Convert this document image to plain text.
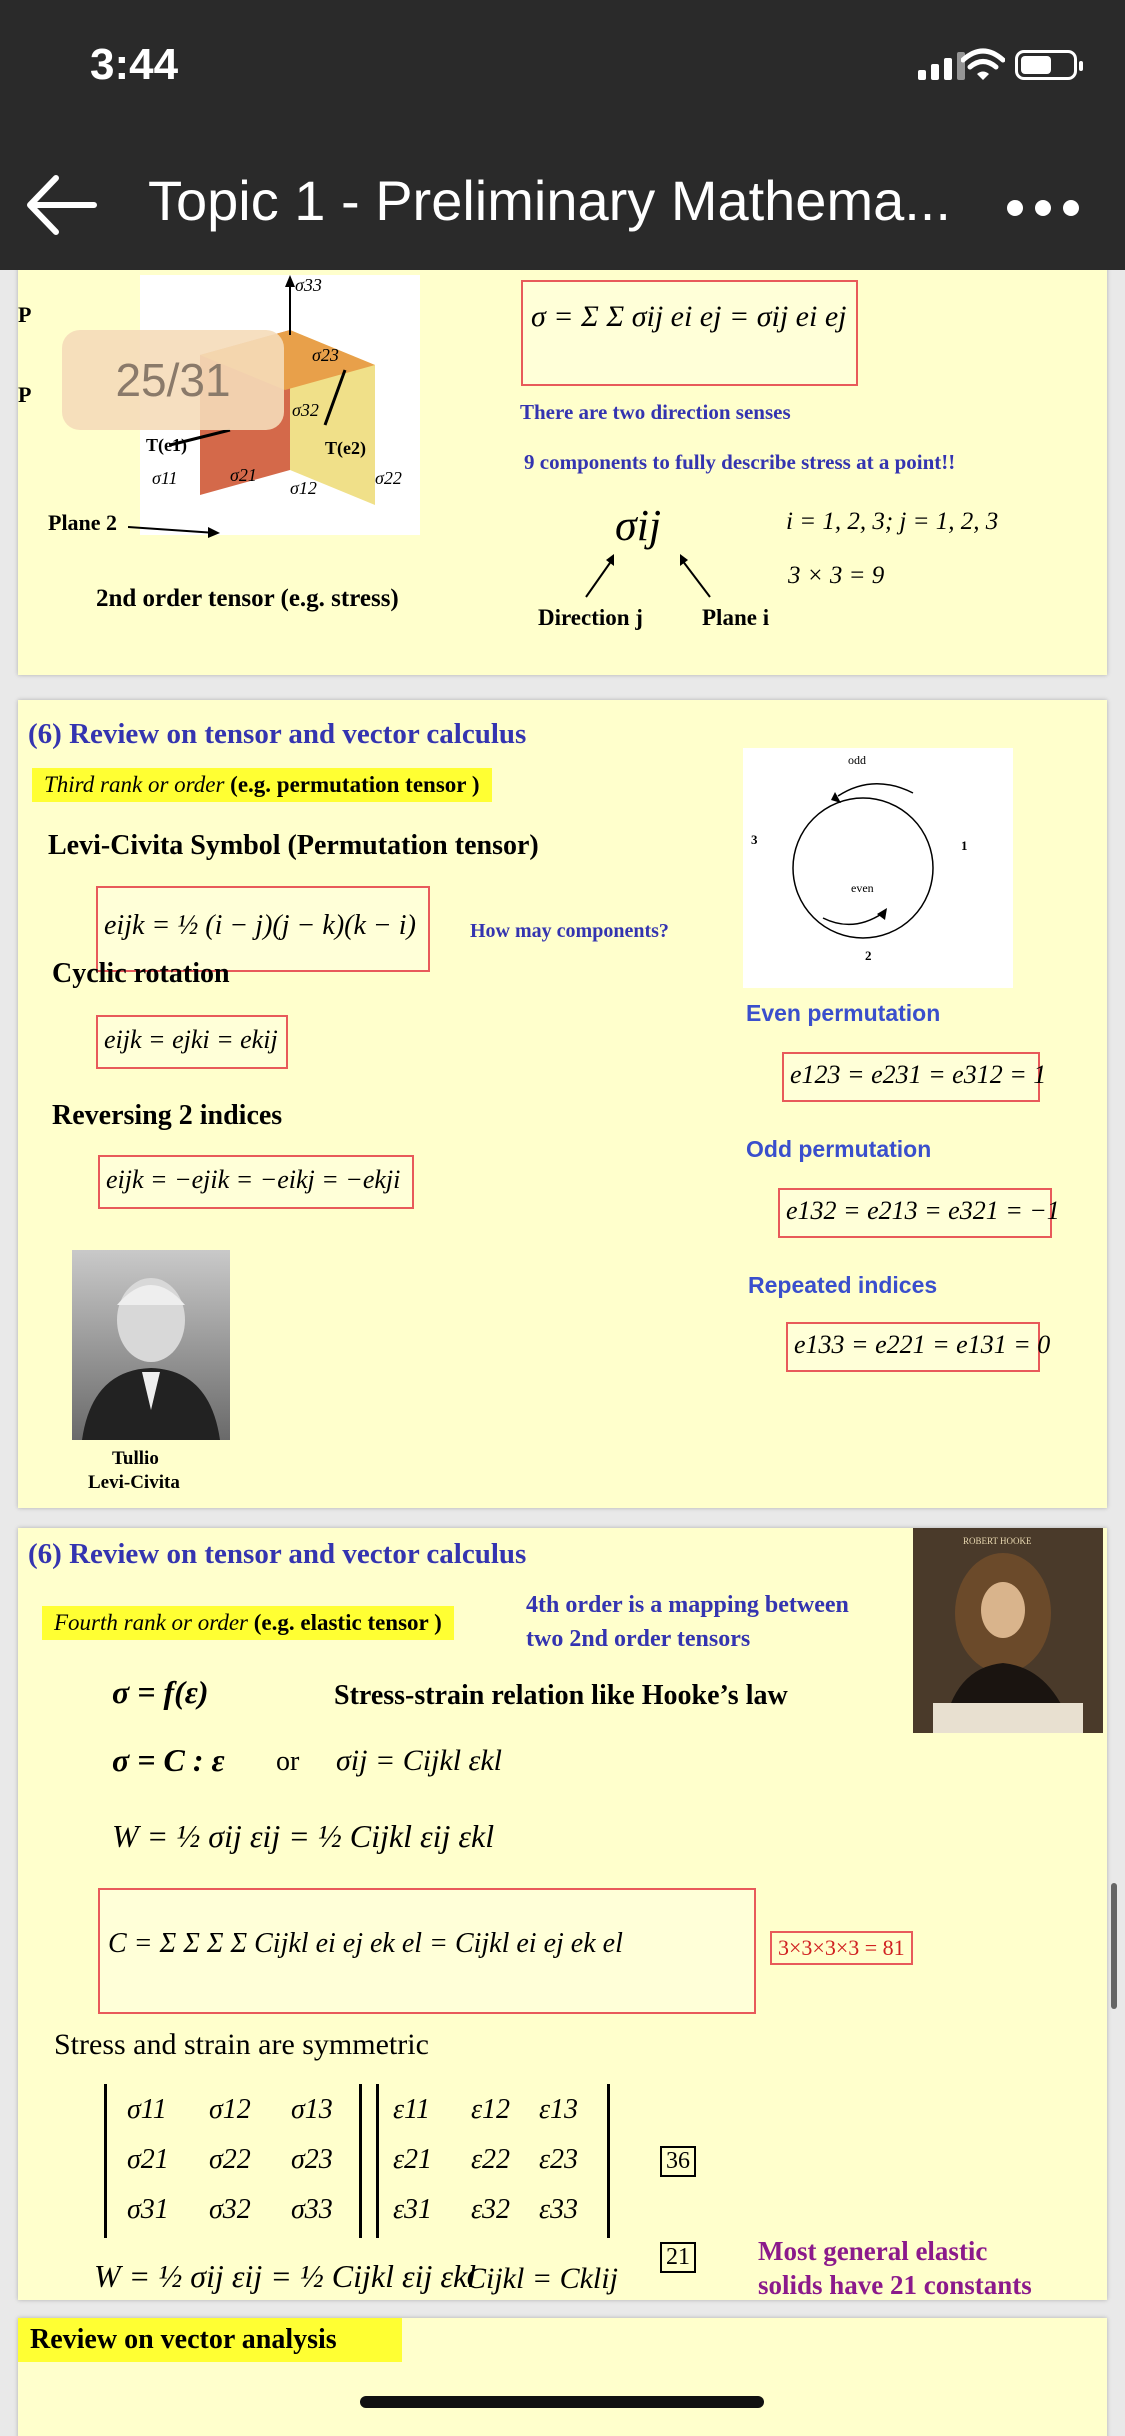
3:44
Topic 1 - Preliminary Mathema...
σ33
σ23
σ32
T(e1)	T(e2)
σ11	σ21
σ12	σ22
P
P
Plane 2
2nd order tensor (e.g. stress)
σ = Σ Σ σij ei ej = σij ei ej
There are two direction senses
9 components to fully describe stress at a point!!
σij
Direction j	Plane i
i = 1, 2, 3; j = 1, 2, 3
3 × 3 = 9
(6) Review on tensor and vector calculus
Third rank or order (e.g. permutation tensor )
Levi-Civita Symbol (Permutation tensor)
eijk = ½ (i − j)(j − k)(k − i)	How may components?
odd
even
1
2
3
Cyclic rotation
eijk = ejki = ekij
Reversing 2 indices
eijk = −ejik = −eikj = −ekji
Even permutation
e123 = e231 = e312 = 1
Odd permutation
e132 = e213 = e321 = −1
Repeated indices
e133 = e221 = e131 = 0
Tullio
Levi-Civita
(6) Review on tensor and vector calculus
Fourth rank or order (e.g. elastic tensor )
4th order is a mapping between
two 2nd order tensors
ROBERT HOOKE
σ = f(ε)	Stress-strain relation like Hooke’s law
σ = C : ε or σij = Cijkl εkl
W = ½ σij εij = ½ Cijkl εij εkl
C = Σ Σ Σ Σ Cijkl ei ej ek el = Cijkl ei ej ek el	3×3×3×3 = 81
Stress and strain are symmetric
σ11 σ12 σ13
σ21 σ22 σ23
σ31 σ32 σ33
ε11 ε12 ε13
ε21 ε22 ε23
ε31 ε32 ε33
36
W = ½ σij εij = ½ Cijkl εij εkl
Cijkl = Cklij
21	Most general elastic
solids have 21 constants
Review on vector analysis
25/31
